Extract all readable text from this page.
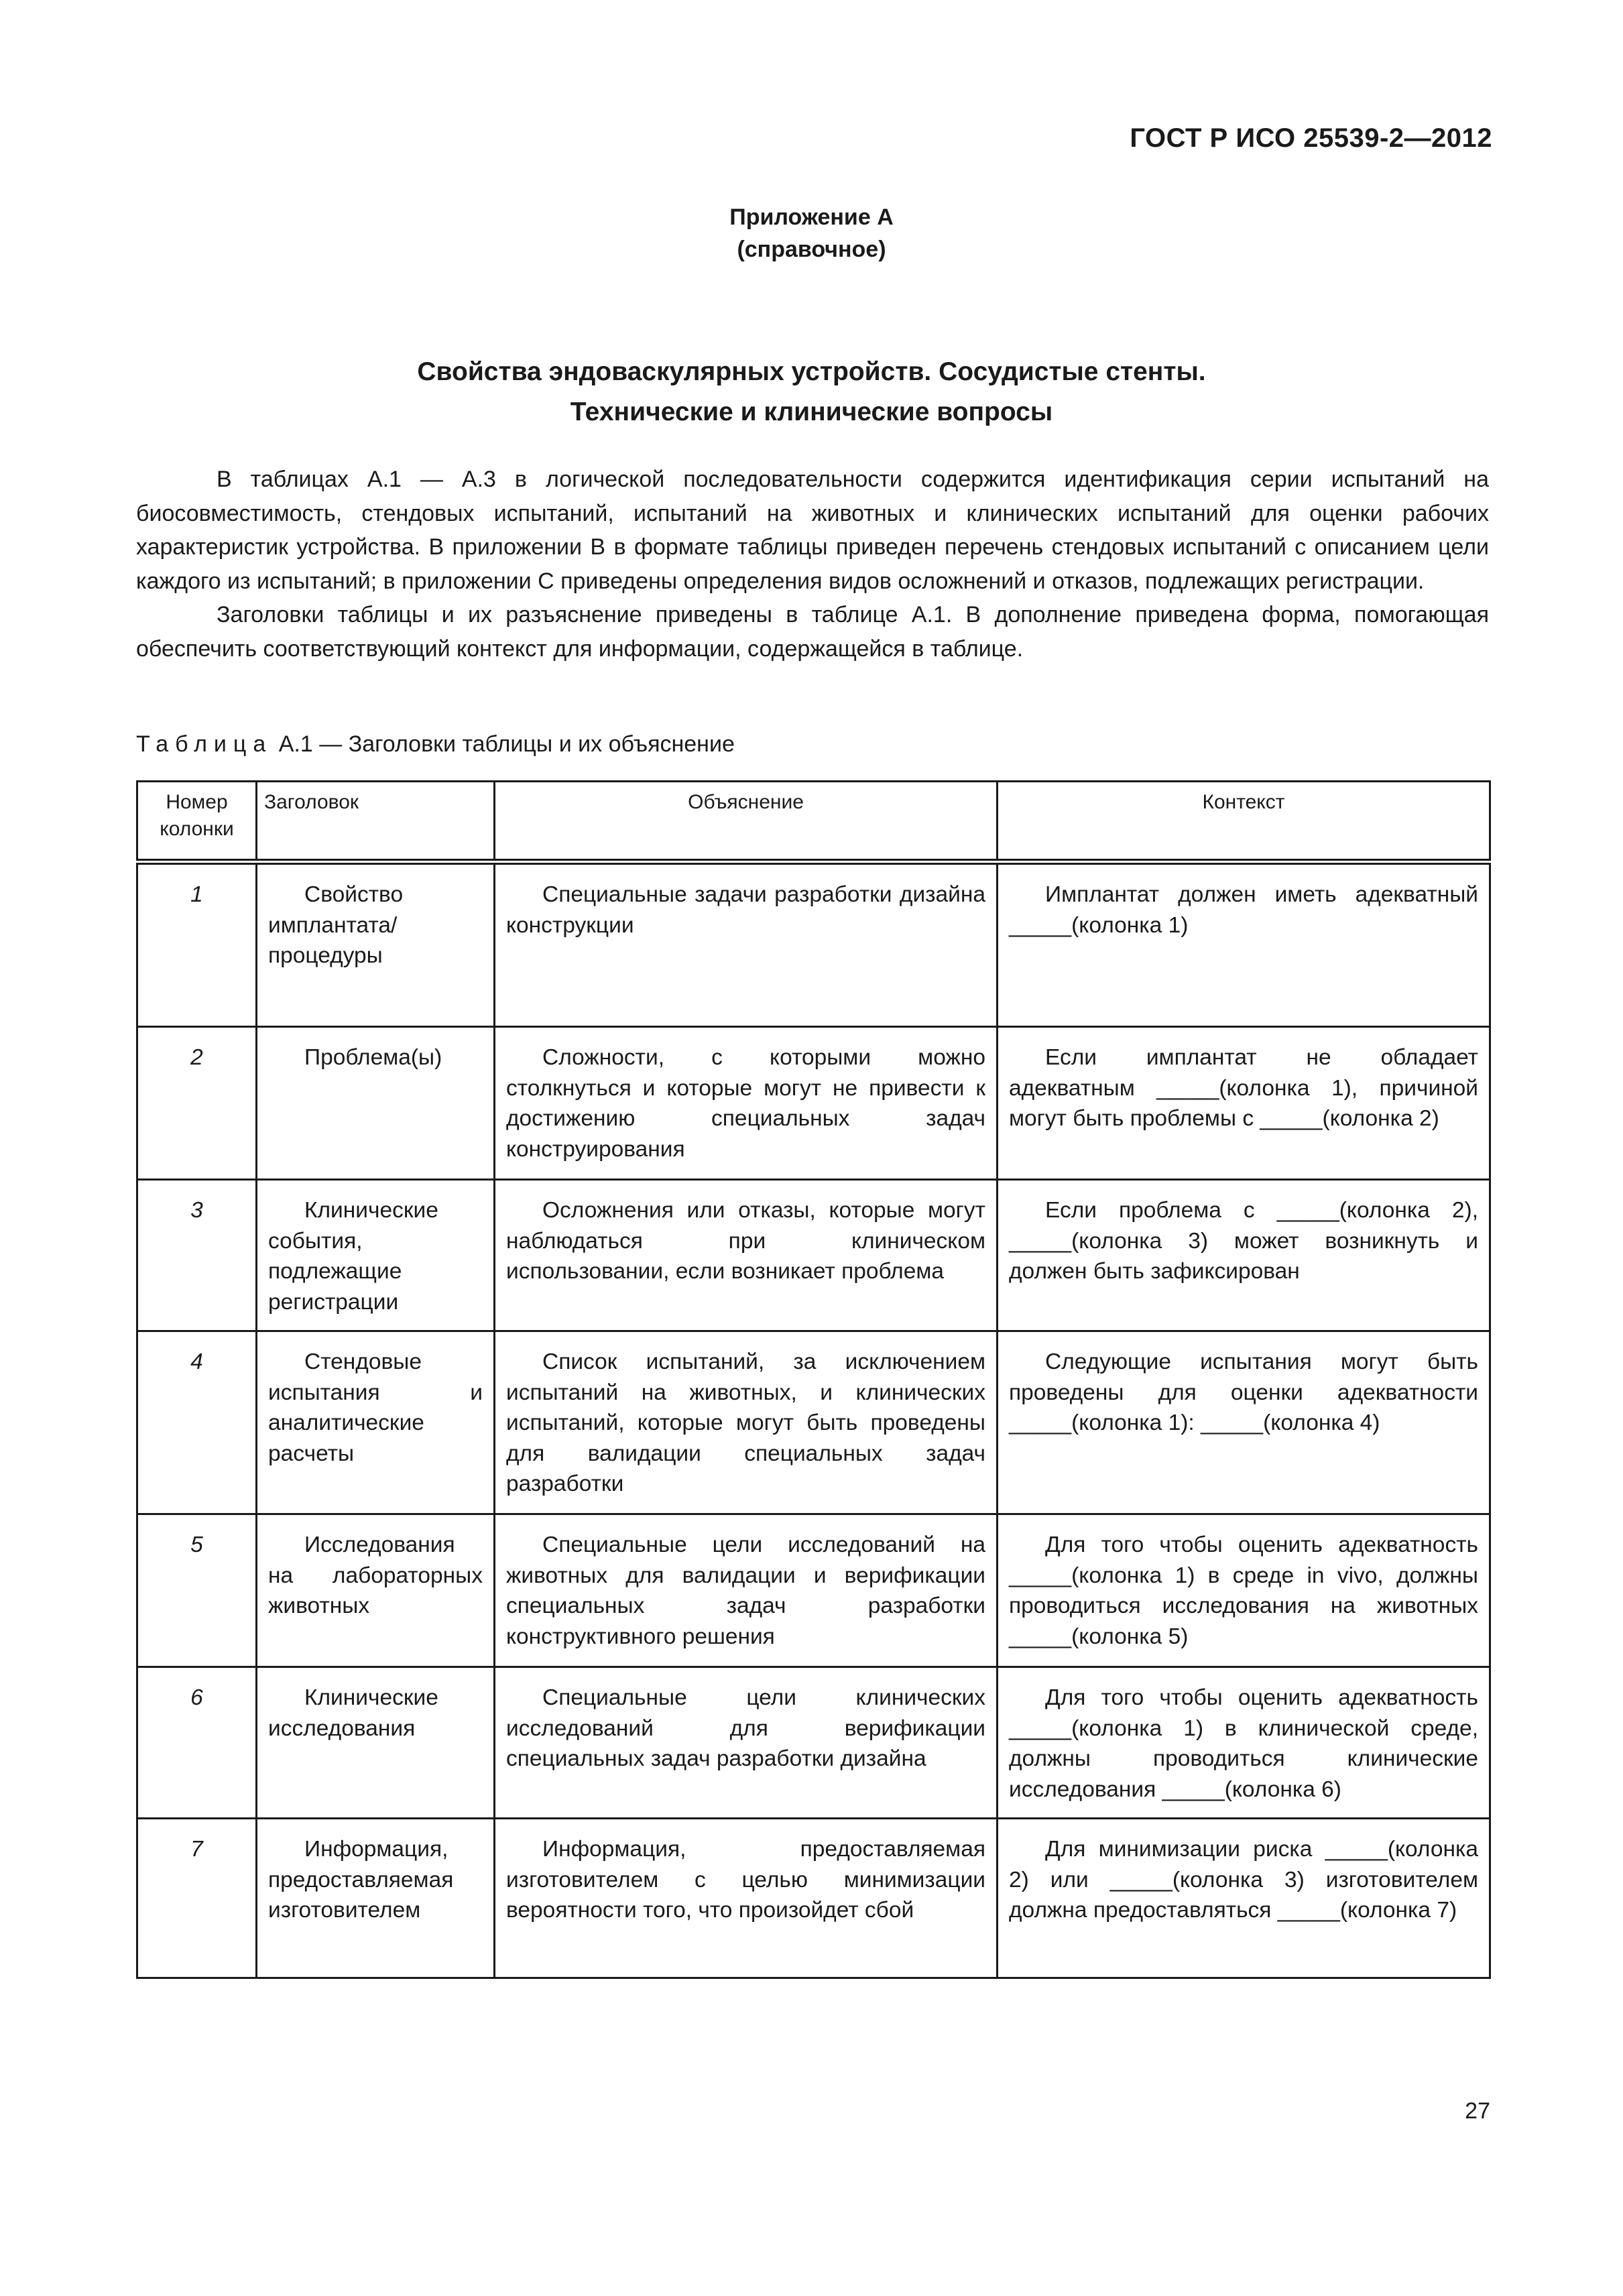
ГОСТ Р ИСО 25539-2—2012
Приложение А
(справочное)
Свойства эндоваскулярных устройств. Сосудистые стенты.
Технические и клинические вопросы

В таблицах А.1 — А.3 в логической последовательности содержится идентификация серии испытаний на биосовместимость, стендовых испытаний, испытаний на животных и клинических испытаний для оценки рабочих характеристик устройства. В приложении В в формате таблицы приведен перечень стендовых испытаний с описанием цели каждого из испытаний; в приложении С приведены определения видов осложнений и отказов, подлежащих регистрации.

Заголовки таблицы и их разъяснение приведены в таблице А.1. В дополнение приведена форма, помогающая обеспечить соответствующий контекст для информации, содержащейся в таблице.

Таблица А.1 — Заголовки таблицы и их объяснение
Номер колонки	Заголовок	Объяснение	Контекст
1	Свойство имплантата/ процедуры	Специальные задачи разработки дизайна конструкции	Имплантат должен иметь адекватный _____(колонка 1)
2	Проблема(ы)	Сложности, с которыми можно столкнуться и которые могут не привести к достижению специальных задач конструирования	Если имплантат не обладает адекватным _____(колонка 1), причиной могут быть проблемы с _____(колонка 2)
3	Клинические события, подлежащие регистрации	Осложнения или отказы, которые могут наблюдаться при клиническом использовании, если возникает проблема	Если проблема с _____(колонка 2), _____(колонка 3) может возникнуть и должен быть зафиксирован
4	Стендовые испытания и аналитические расчеты	Список испытаний, за исключением испытаний на животных, и клинических испытаний, которые могут быть проведены для валидации специальных задач разработки	Следующие испытания могут быть проведены для оценки адекватности _____(колонка 1): _____(колонка 4)
5	Исследования на лабораторных животных	Специальные цели исследований на животных для валидации и верификации специальных задач разработки конструктивного решения	Для того чтобы оценить адекватность _____(колонка 1) в среде in vivo, должны проводиться исследования на животных _____(колонка 5)
6	Клинические исследования	Специальные цели клинических исследований для верификации специальных задач разработки дизайна	Для того чтобы оценить адекватность _____(колонка 1) в клинической среде, должны проводиться клинические исследования _____(колонка 6)
7	Информация, предоставляемая изготовителем	Информация, предоставляемая изготовителем с целью минимизации вероятности того, что произойдет сбой	Для минимизации риска _____(колонка 2) или _____(колонка 3) изготовителем должна предоставляться _____(колонка 7)
27
